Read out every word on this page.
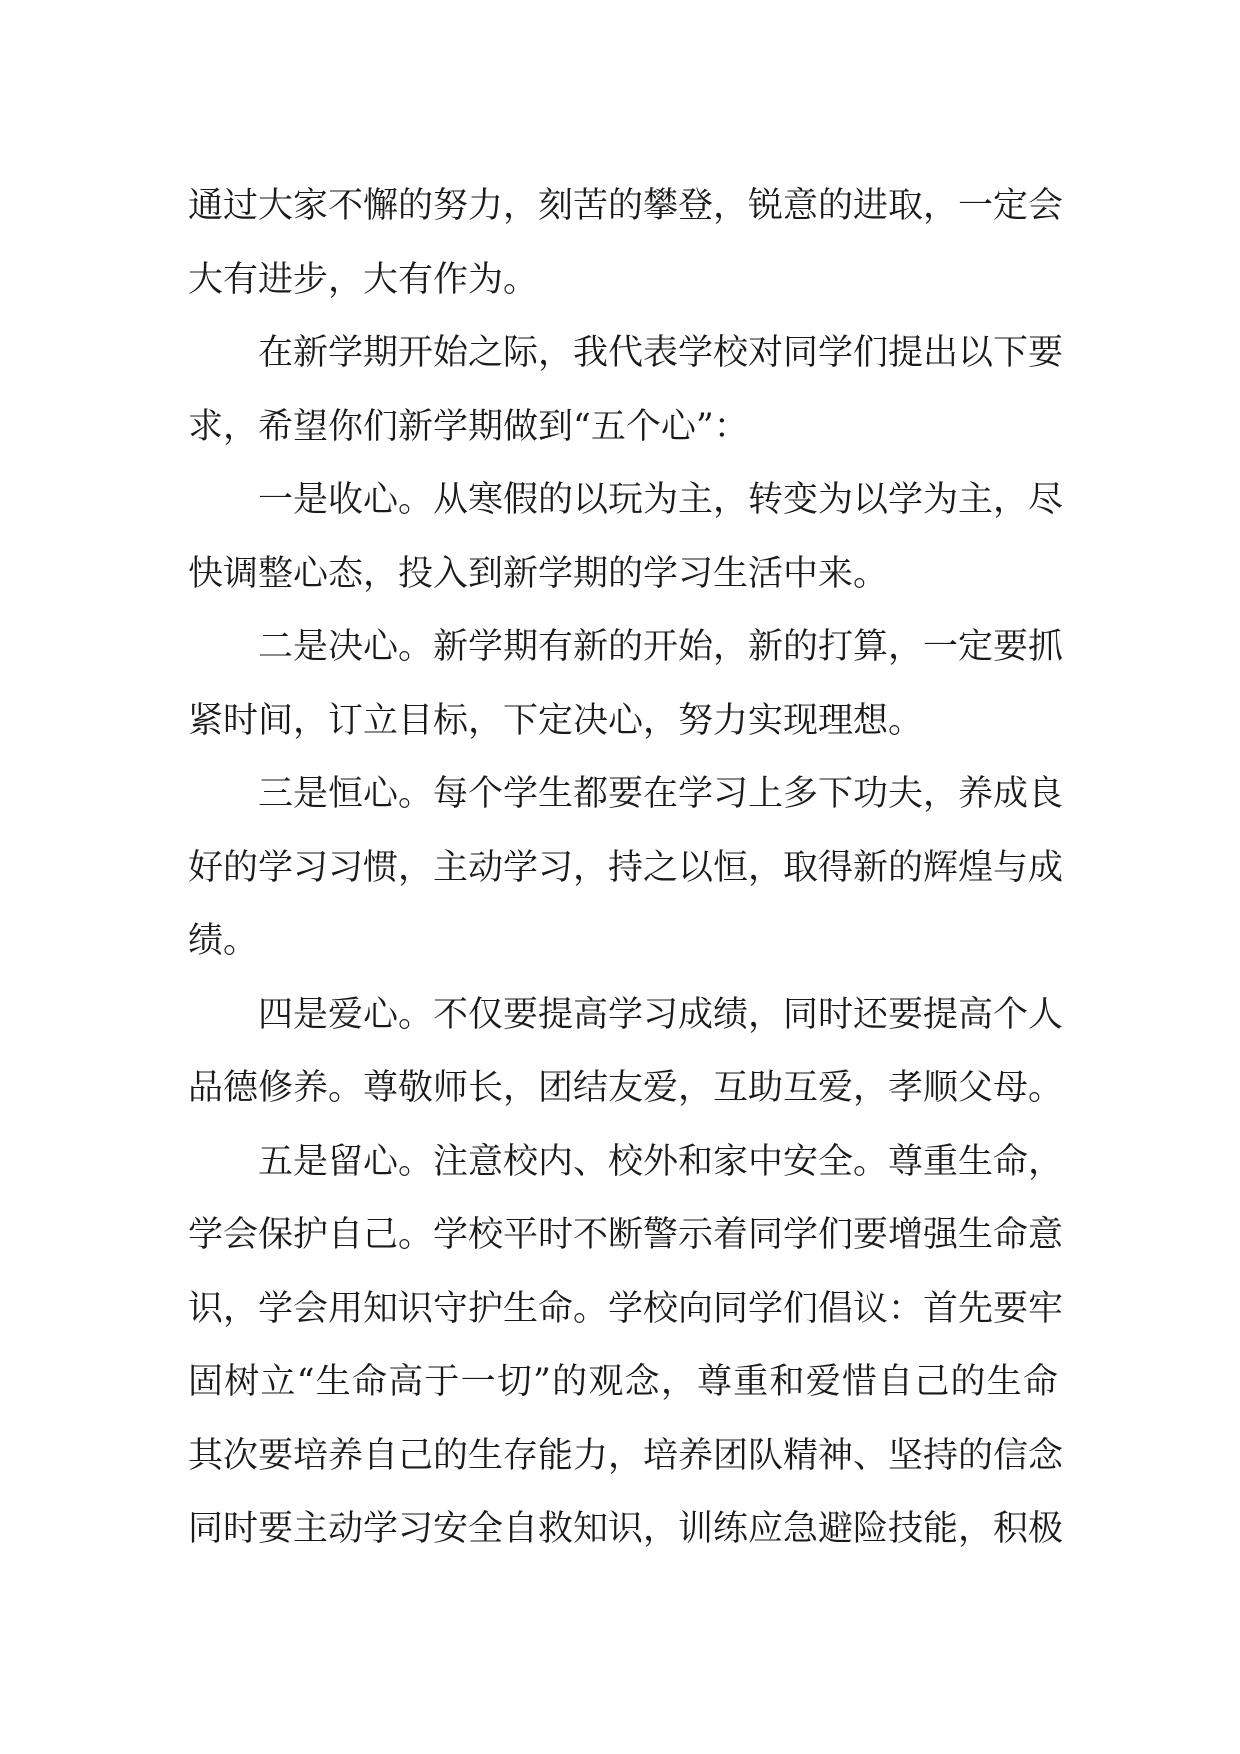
通过大家不懈的努力，刻苦的攀登，锐意的进取，一定会
大有进步，大有作为。
在新学期开始之际，我代表学校对同学们提出以下要
求，希望你们新学期做到“五个心”：
一是收心。从寒假的以玩为主，转变为以学为主，尽
快调整心态，投入到新学期的学习生活中来。
二是决心。新学期有新的开始，新的打算，一定要抓
紧时间，订立目标，下定决心，努力实现理想。
三是恒心。每个学生都要在学习上多下功夫，养成良
好的学习习惯，主动学习，持之以恒，取得新的辉煌与成
绩。
四是爱心。不仅要提高学习成绩，同时还要提高个人
品德修养。尊敬师长，团结友爱，互助互爱，孝顺父母。
五是留心。注意校内、校外和家中安全。尊重生命，
学会保护自己。学校平时不断警示着同学们要增强生命意
识，学会用知识守护生命。学校向同学们倡议：首先要牢
固树立“生命高于一切”的观念，尊重和爱惜自己的生命
其次要培养自己的生存能力，培养团队精神、坚持的信念
同时要主动学习安全自救知识，训练应急避险技能，积极
